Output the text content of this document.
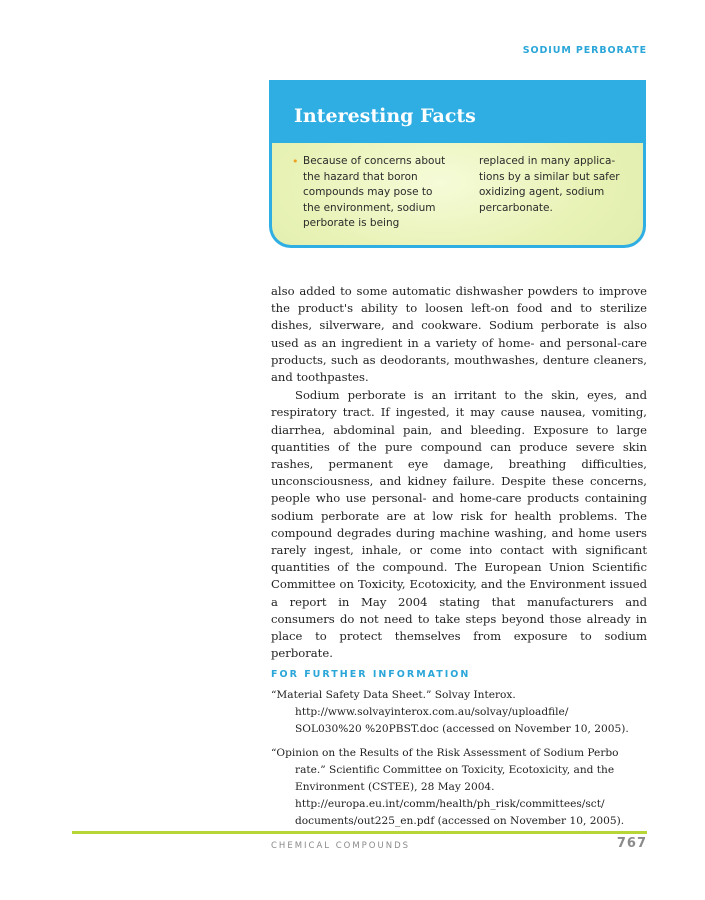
SODIUM PERBORATE
Interesting Facts
• Because of concerns about
the hazard that boron
compounds may pose to
the environment, sodium
perborate is being
replaced in many applica-
tions by a similar but safer
oxidizing agent, sodium
percarbonate.

also added to some automatic dishwasher powders to improve the product's ability to loosen left-on food and to sterilize dishes, silverware, and cookware. Sodium perborate is also used as an ingredient in a variety of home- and personal-care products, such as deodorants, mouthwashes, denture cleaners, and toothpastes.

Sodium perborate is an irritant to the skin, eyes, and respiratory tract. If ingested, it may cause nausea, vomiting, diarrhea, abdominal pain, and bleeding. Exposure to large quantities of the pure compound can produce severe skin rashes, permanent eye damage, breathing difficulties, unconsciousness, and kidney failure. Despite these concerns, people who use personal- and home-care products containing sodium perborate are at low risk for health problems. The compound degrades during machine washing, and home users rarely ingest, inhale, or come into contact with significant quantities of the compound. The European Union Scientific Committee on Toxicity, Ecotoxicity, and the Environment issued a report in May 2004 stating that manufacturers and consumers do not need to take steps beyond those already in place to protect themselves from exposure to sodium perborate.

FOR FURTHER INFORMATION
“Material Safety Data Sheet.” Solvay Interox.
http://www.solvayinterox.com.au/solvay/uploadfile/
SOL030%20 %20PBST.doc (accessed on November 10, 2005).
“Opinion on the Results of the Risk Assessment of Sodium Perbo rate.” Scientific Committee on Toxicity, Ecotoxicity, and the Environment (CSTEE), 28 May 2004.
http://europa.eu.int/comm/health/ph_risk/committees/sct/
documents/out225_en.pdf (accessed on November 10, 2005).
CHEMICAL COMPOUNDS	767
